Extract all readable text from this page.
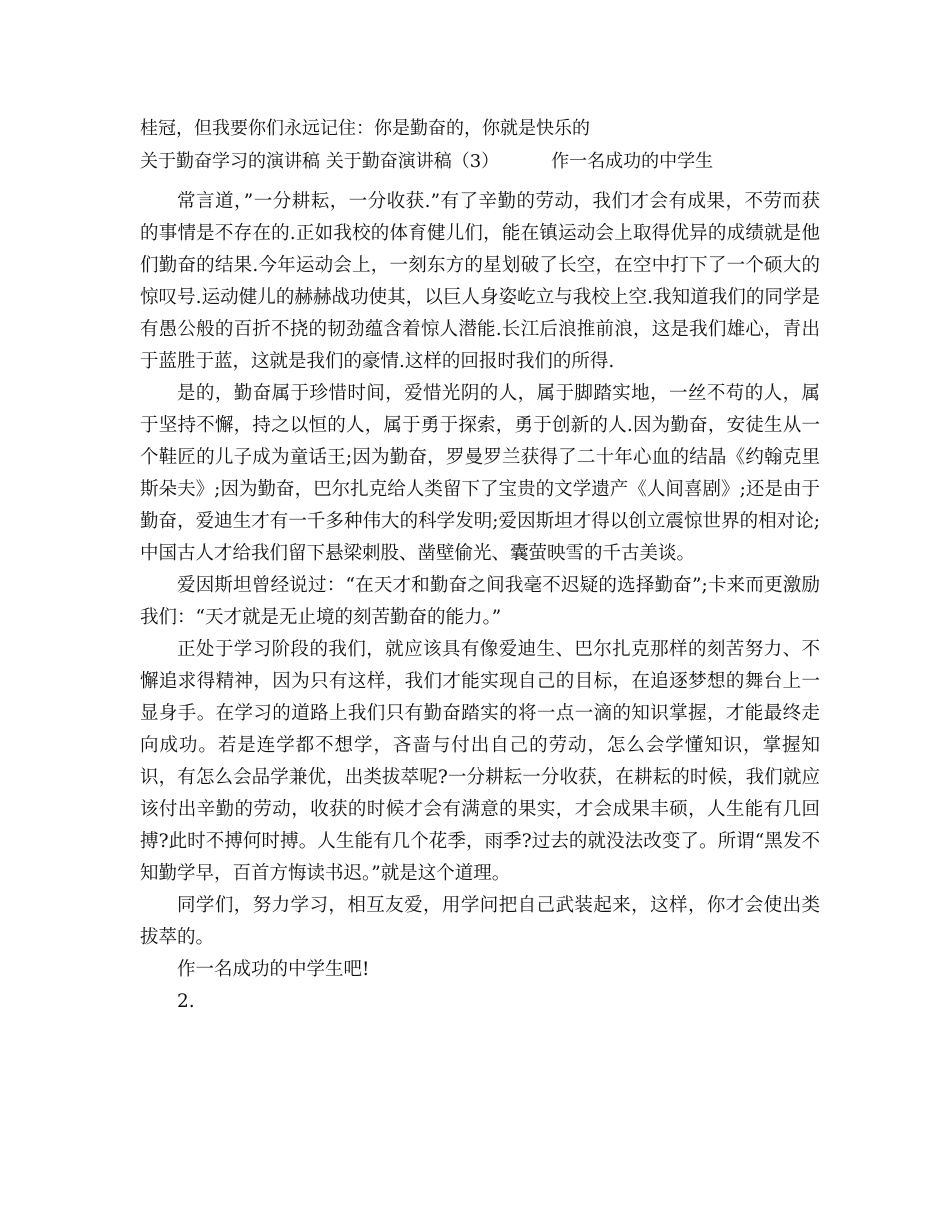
桂冠，但我要你们永远记住：你是勤奋的，你就是快乐的
关于勤奋学习的演讲稿 关于勤奋演讲稿（3）	作一名成功的中学生

常言道，”一分耕耘，一分收获.”有了辛勤的劳动，我们才会有成果，不劳而获的事情是不存在的.正如我校的体育健儿们，能在镇运动会上取得优异的成绩就是他们勤奋的结果.今年运动会上，一刻东方的星划破了长空，在空中打下了一个硕大的惊叹号.运动健儿的赫赫战功使其，以巨人身姿屹立与我校上空.我知道我们的同学是有愚公般的百折不挠的韧劲蕴含着惊人潜能.长江后浪推前浪，这是我们雄心，青出于蓝胜于蓝，这就是我们的豪情.这样的回报时我们的所得.

是的，勤奋属于珍惜时间，爱惜光阴的人，属于脚踏实地，一丝不苟的人，属于坚持不懈，持之以恒的人，属于勇于探索，勇于创新的人.因为勤奋，安徒生从一个鞋匠的儿子成为童话王;因为勤奋，罗曼罗兰获得了二十年心血的结晶《约翰克里斯朵夫》;因为勤奋，巴尔扎克给人类留下了宝贵的文学遗产《人间喜剧》;还是由于勤奋，爱迪生才有一千多种伟大的科学发明;爱因斯坦才得以创立震惊世界的相对论;中国古人才给我们留下悬梁刺股、凿壁偷光、囊萤映雪的千古美谈。

爱因斯坦曾经说过：“在天才和勤奋之间我毫不迟疑的选择勤奋”;卡来而更激励我们：“天才就是无止境的刻苦勤奋的能力。”

正处于学习阶段的我们，就应该具有像爱迪生、巴尔扎克那样的刻苦努力、不懈追求得精神，因为只有这样，我们才能实现自己的目标，在追逐梦想的舞台上一显身手。在学习的道路上我们只有勤奋踏实的将一点一滴的知识掌握，才能最终走向成功。若是连学都不想学，吝啬与付出自己的劳动，怎么会学懂知识，掌握知识，有怎么会品学兼优，出类拔萃呢?一分耕耘一分收获，在耕耘的时候，我们就应该付出辛勤的劳动，收获的时候才会有满意的果实，才会成果丰硕，人生能有几回搏?此时不搏何时搏。人生能有几个花季，雨季?过去的就没法改变了。所谓“黑发不知勤学早，百首方悔读书迟。”就是这个道理。

同学们，努力学习，相互友爱，用学问把自己武装起来，这样，你才会使出类拔萃的。

作一名成功的中学生吧!

2.
